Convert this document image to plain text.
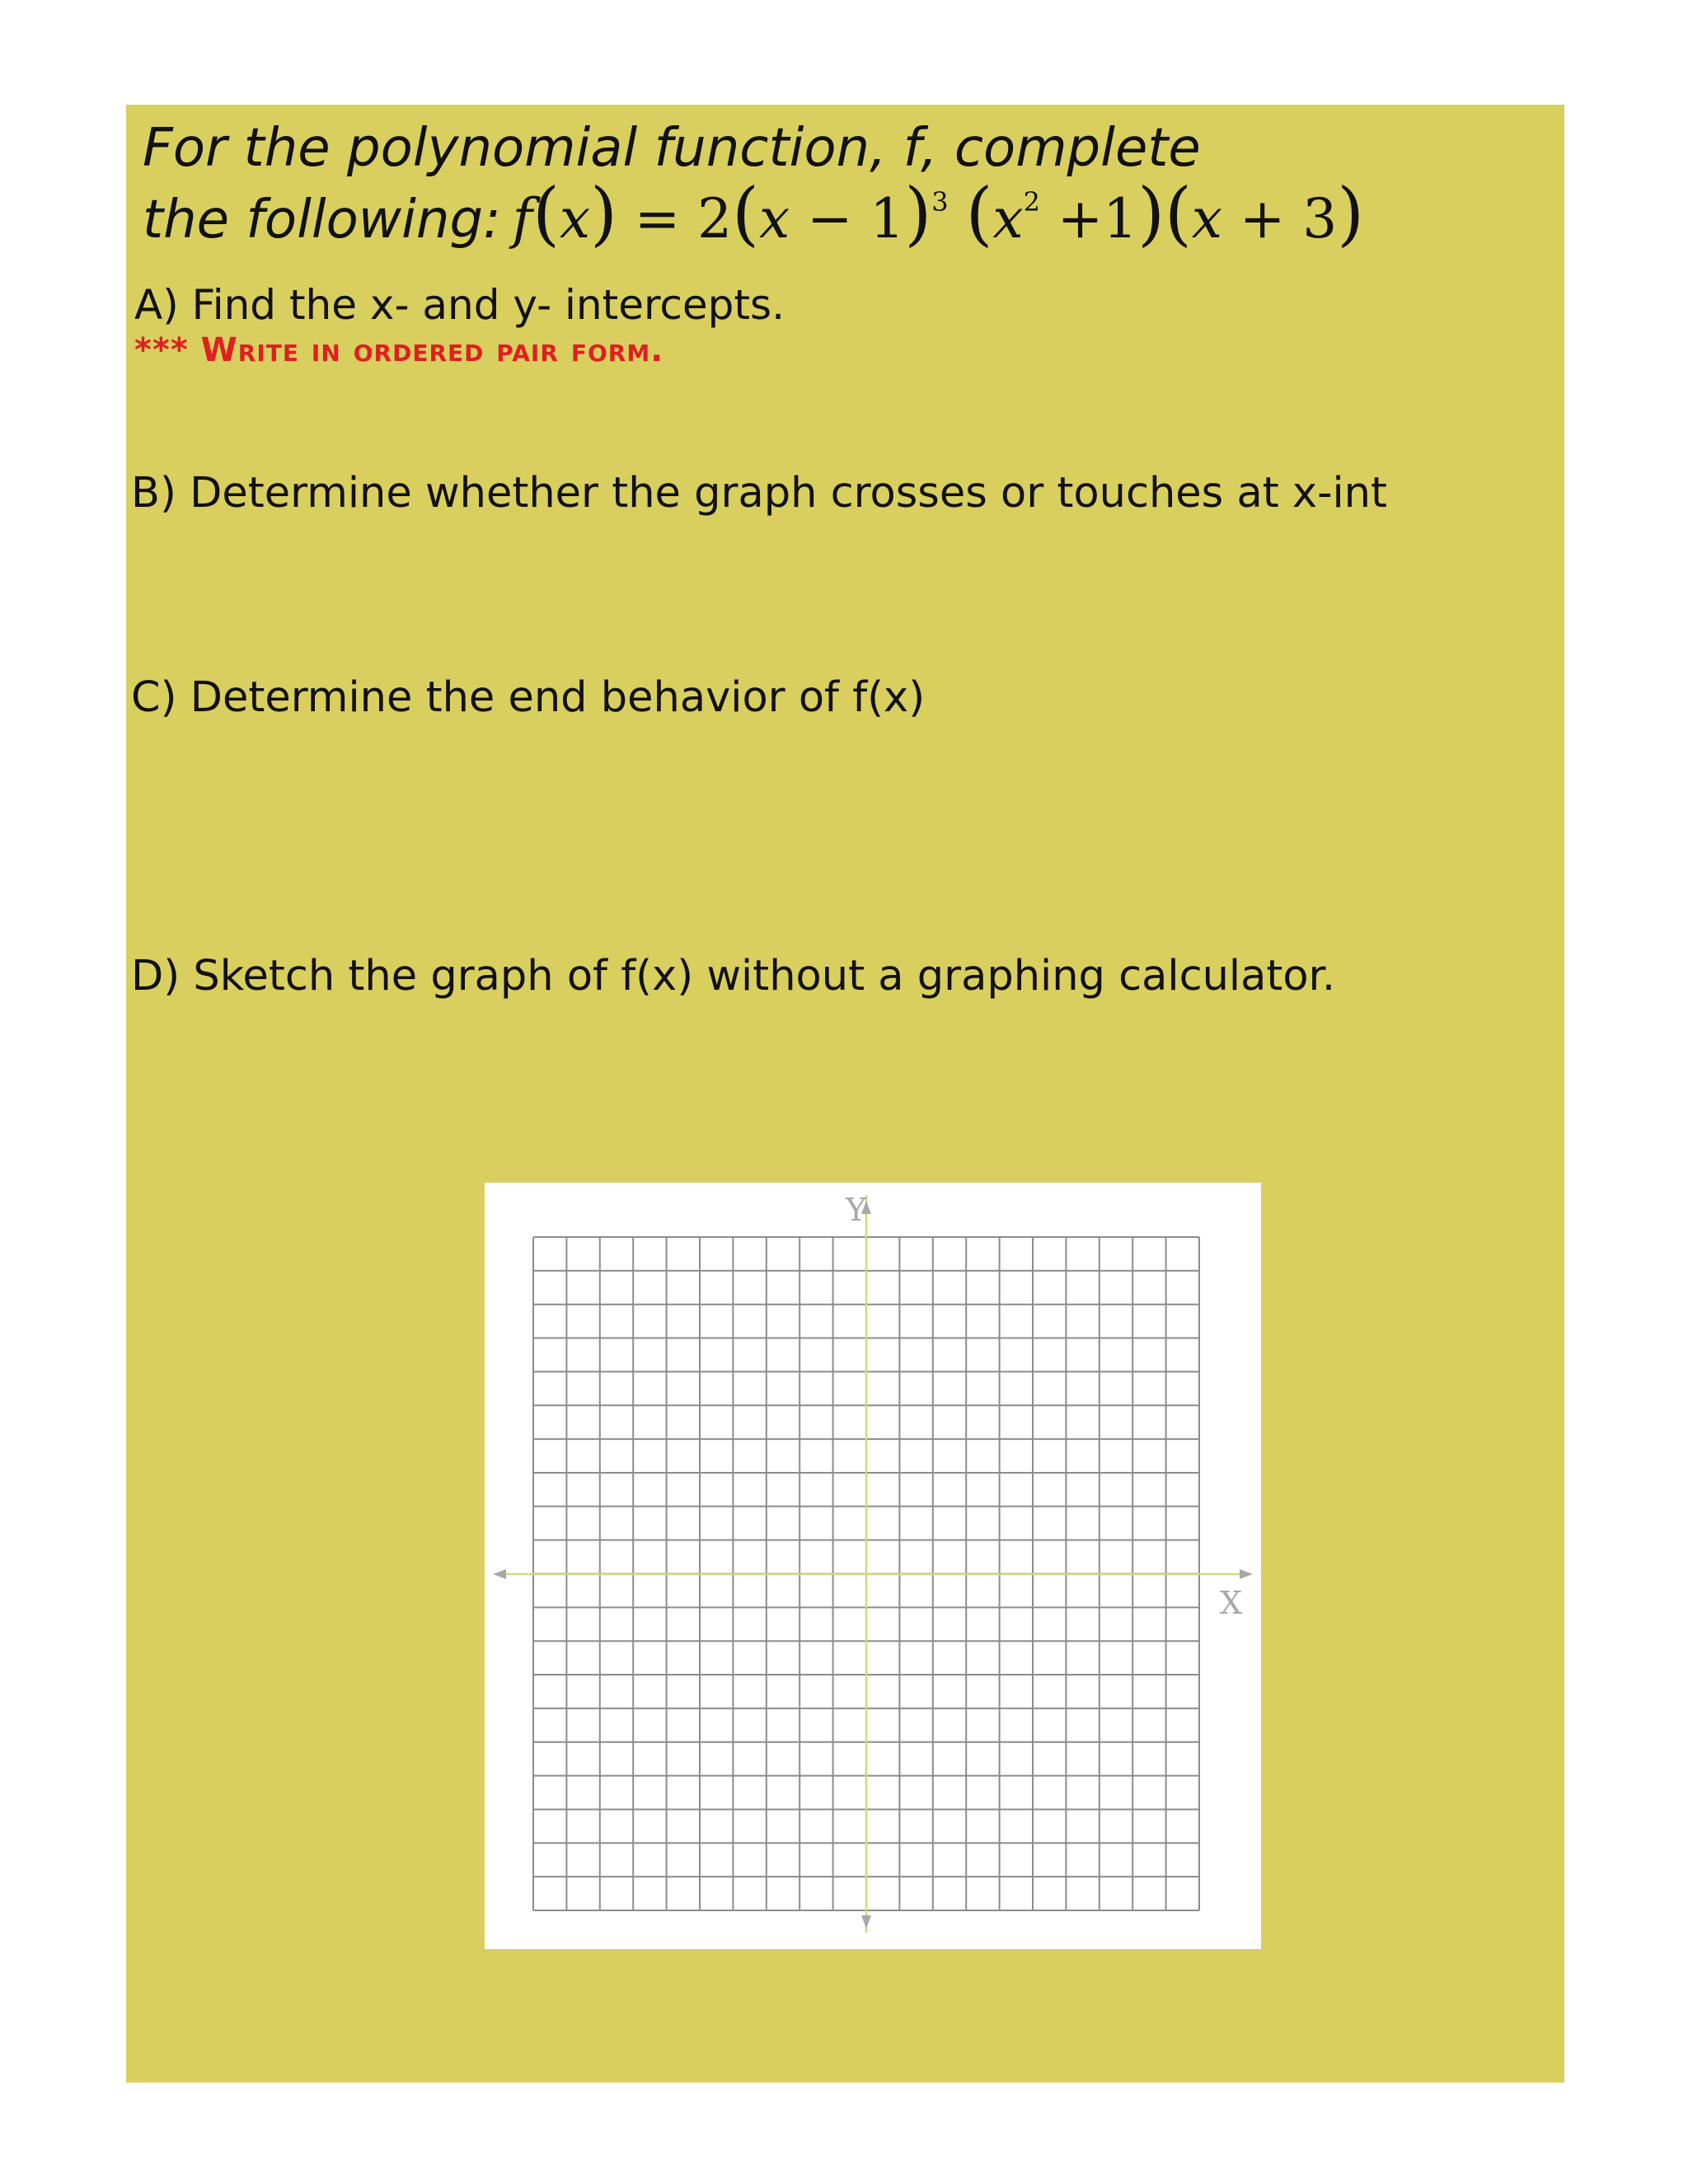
For the polynomial function, f, complete
the following: $f(x) = 2(x - 1)^3$ $(x^2 +1)(x + 3)$

A) Find the x- and y- intercepts.

*** Write in ordered pair form.

B) Determine whether the graph crosses or touches at x-int

C) Determine the end behavior of f(x)

D) Sketch the graph of f(x) without a graphing calculator.

Y
X
